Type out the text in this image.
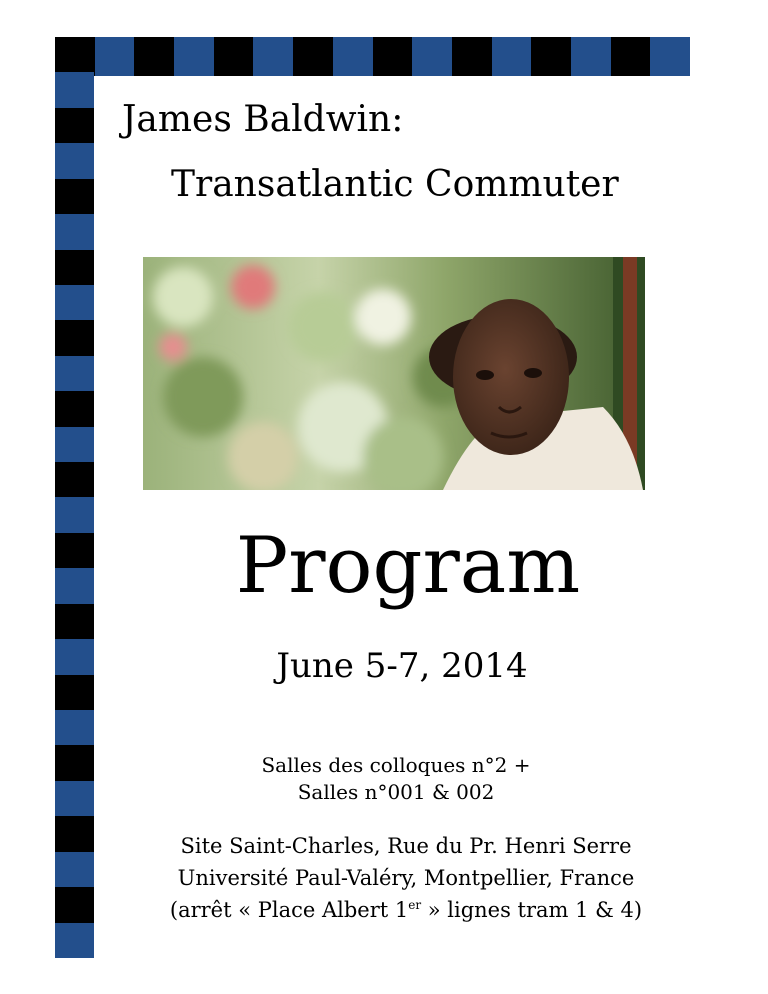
James Baldwin:
Transatlantic Commuter
Program
June 5-7, 2014
Salles des colloques n°2 +
Salles n°001 & 002
Site Saint-Charles, Rue du Pr. Henri Serre
Université Paul-Valéry, Montpellier, France
(arrêt « Place Albert 1er » lignes tram 1 & 4)
